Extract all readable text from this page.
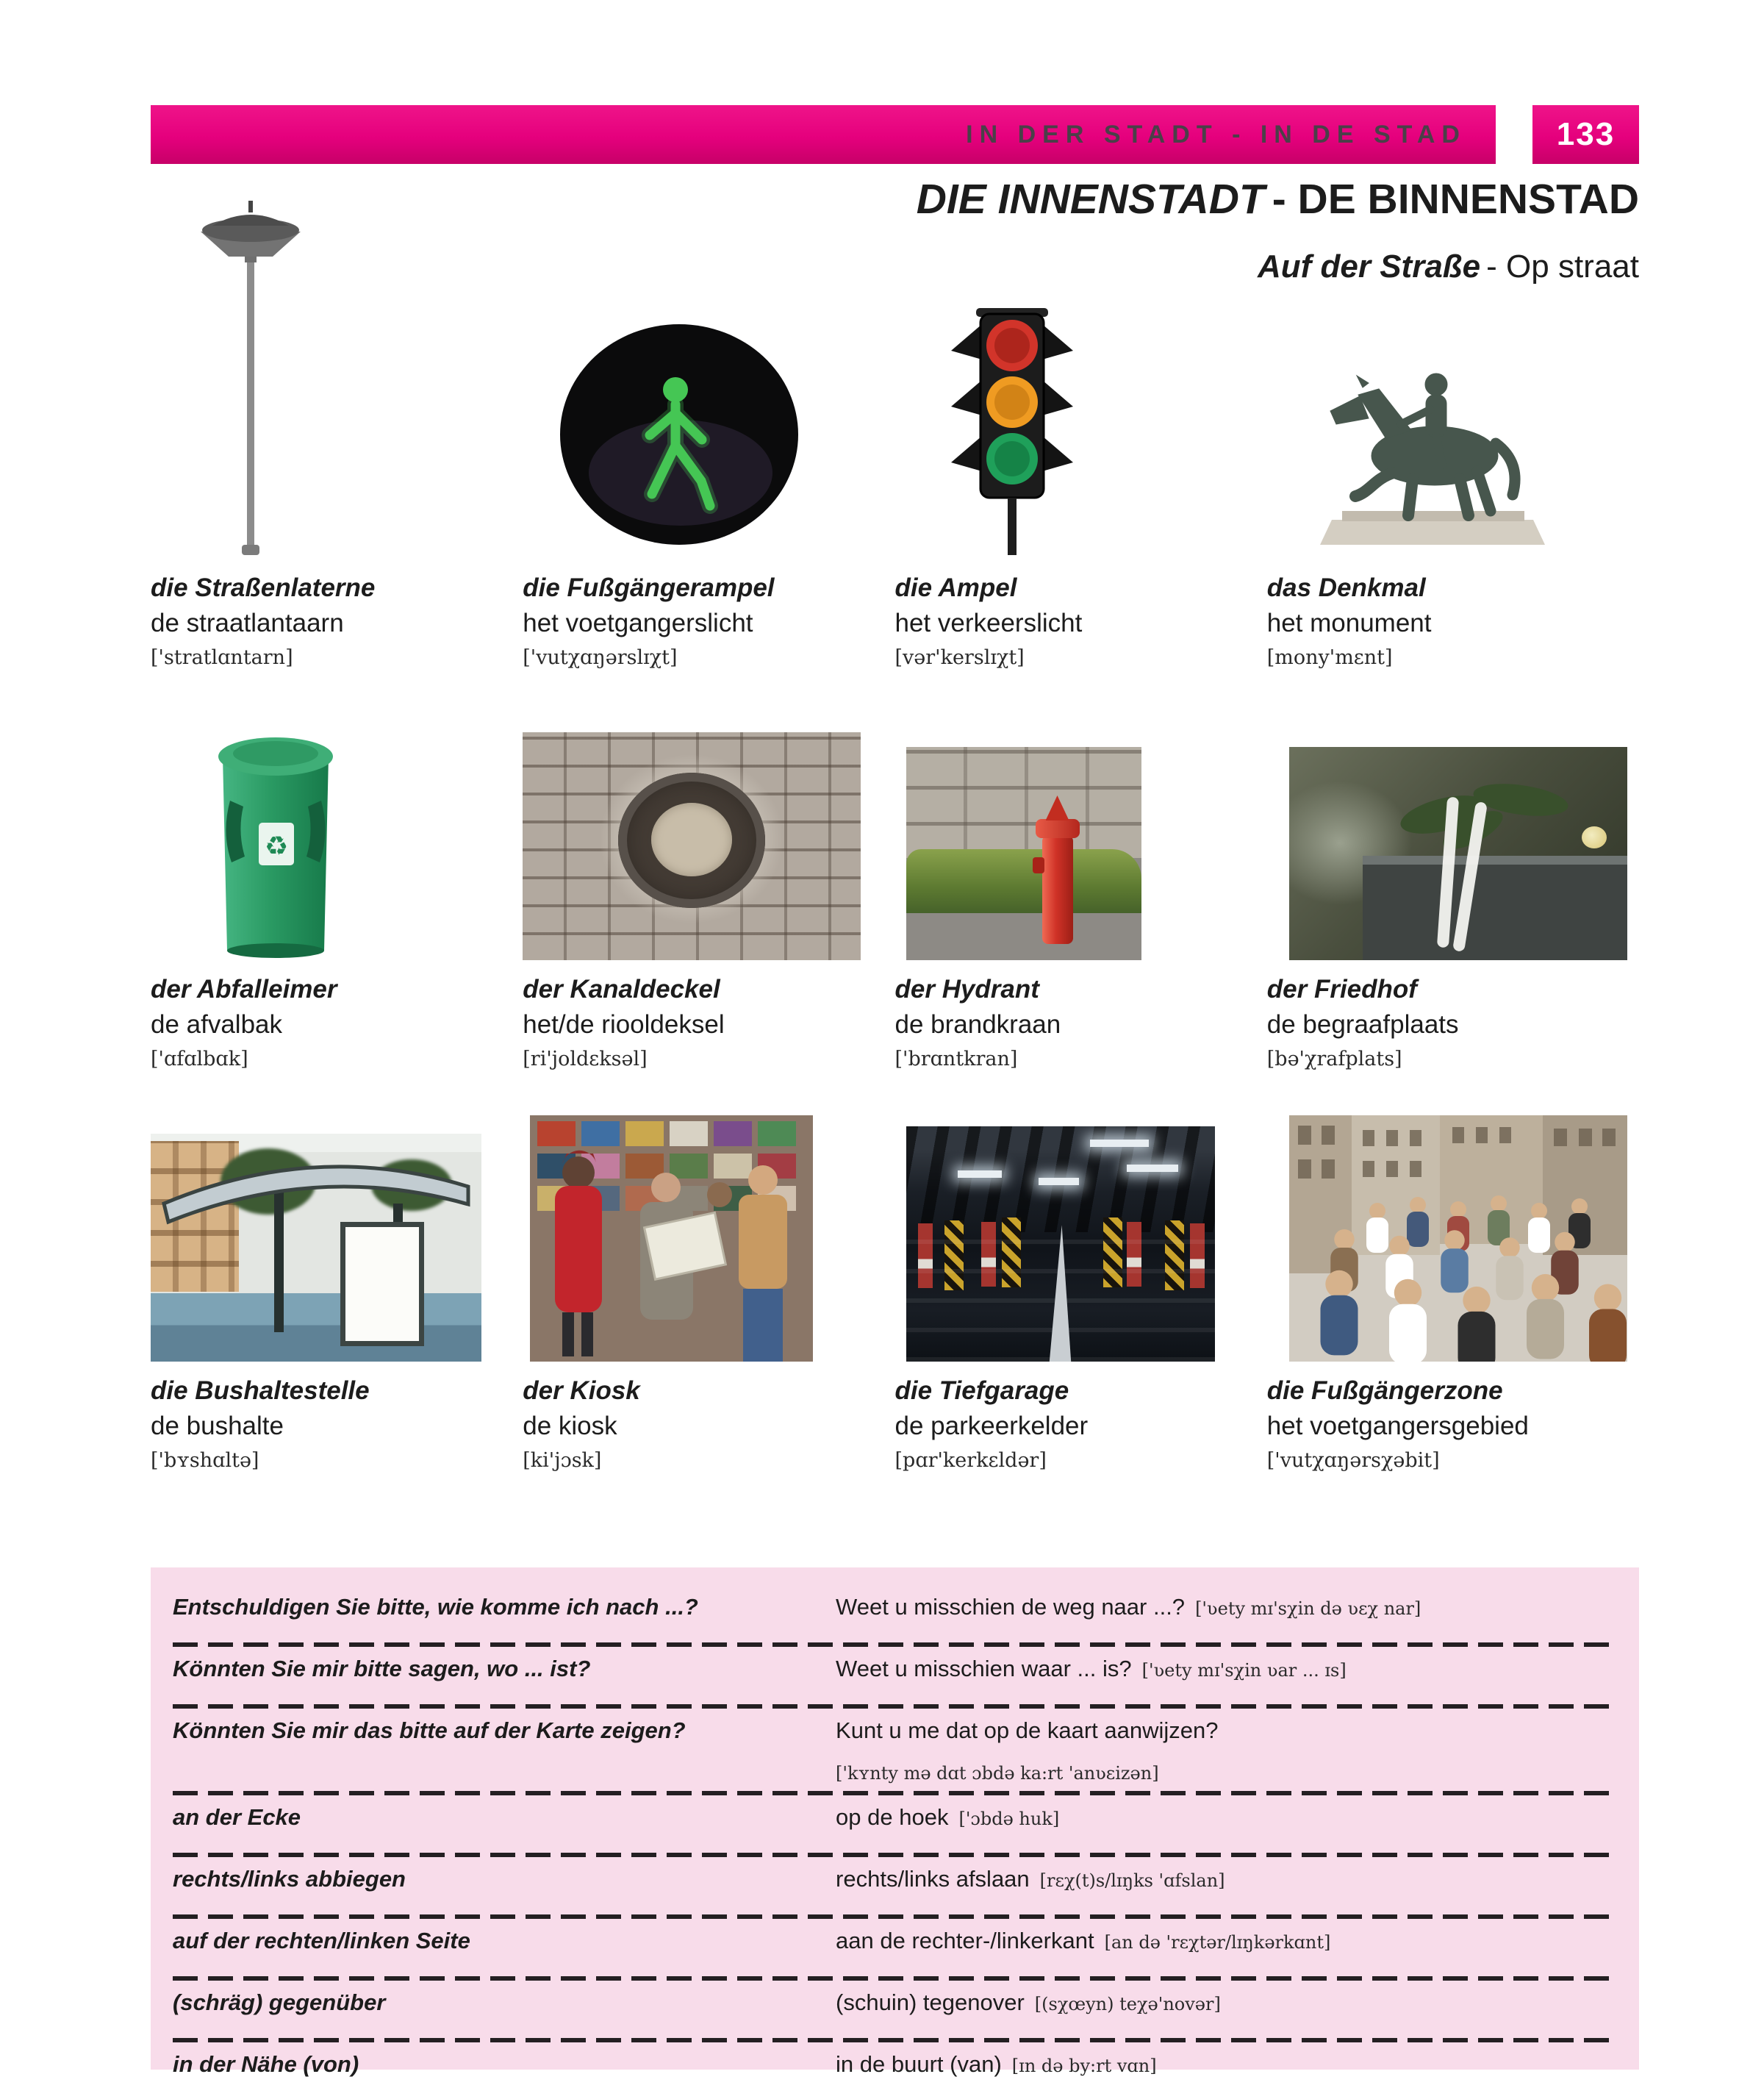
IN DER STADT - IN DE STAD	133
DIE INNENSTADT - DE BINNENSTAD
Auf der Straße - Op straat
die Straßenlaterne
de straatlantaarn
['stratlɑntarn]
die Fußgängerampel
het voetgangerslicht
['vutχɑŋərslɪχt]
die Ampel
het verkeerslicht
[vər'kerslɪχt]
das Denkmal
het monument
[mony'mɛnt]
♻
der Abfalleimer
de afvalbak
['ɑfɑlbɑk]
der Kanaldeckel
het/de riooldeksel
[ri'joldɛksəl]
der Hydrant
de brandkraan
['brɑntkran]
der Friedhof
de begraafplaats
[bə'χrafplats]
die Bushaltestelle
de bushalte
['bʏshɑltə]
der Kiosk
de kiosk
[ki'jɔsk]
die Tiefgarage
de parkeerkelder
[pɑr'kerkɛldər]
die Fußgängerzone
het voetgangersgebied
['vutχɑŋərsχəbit]
Entschuldigen Sie bitte, wie komme ich nach ...?	Weet u misschien de weg naar ...? ['ʋety mɪ'sχin də ʋɛχ nar]
Könnten Sie mir bitte sagen, wo ... ist?	Weet u misschien waar ... is? ['ʋety mɪ'sχin ʋar ... ɪs]
Könnten Sie mir das bitte auf der Karte zeigen?	Kunt u me dat op de kaart aanwijzen?
['kʏnty mə dɑt ɔbdə ka:rt 'anʋɛizən]
an der Ecke	op de hoek ['ɔbdə huk]
rechts/links abbiegen	rechts/links afslaan [rɛχ(t)s/lɪŋks 'ɑfslan]
auf der rechten/linken Seite	aan de rechter-/linkerkant [an də 'rɛχtər/lɪŋkərkɑnt]
(schräg) gegenüber	(schuin) tegenover [(sχœyn) teχə'novər]
in der Nähe (von)	in de buurt (van) [ɪn də by:rt vɑn]
